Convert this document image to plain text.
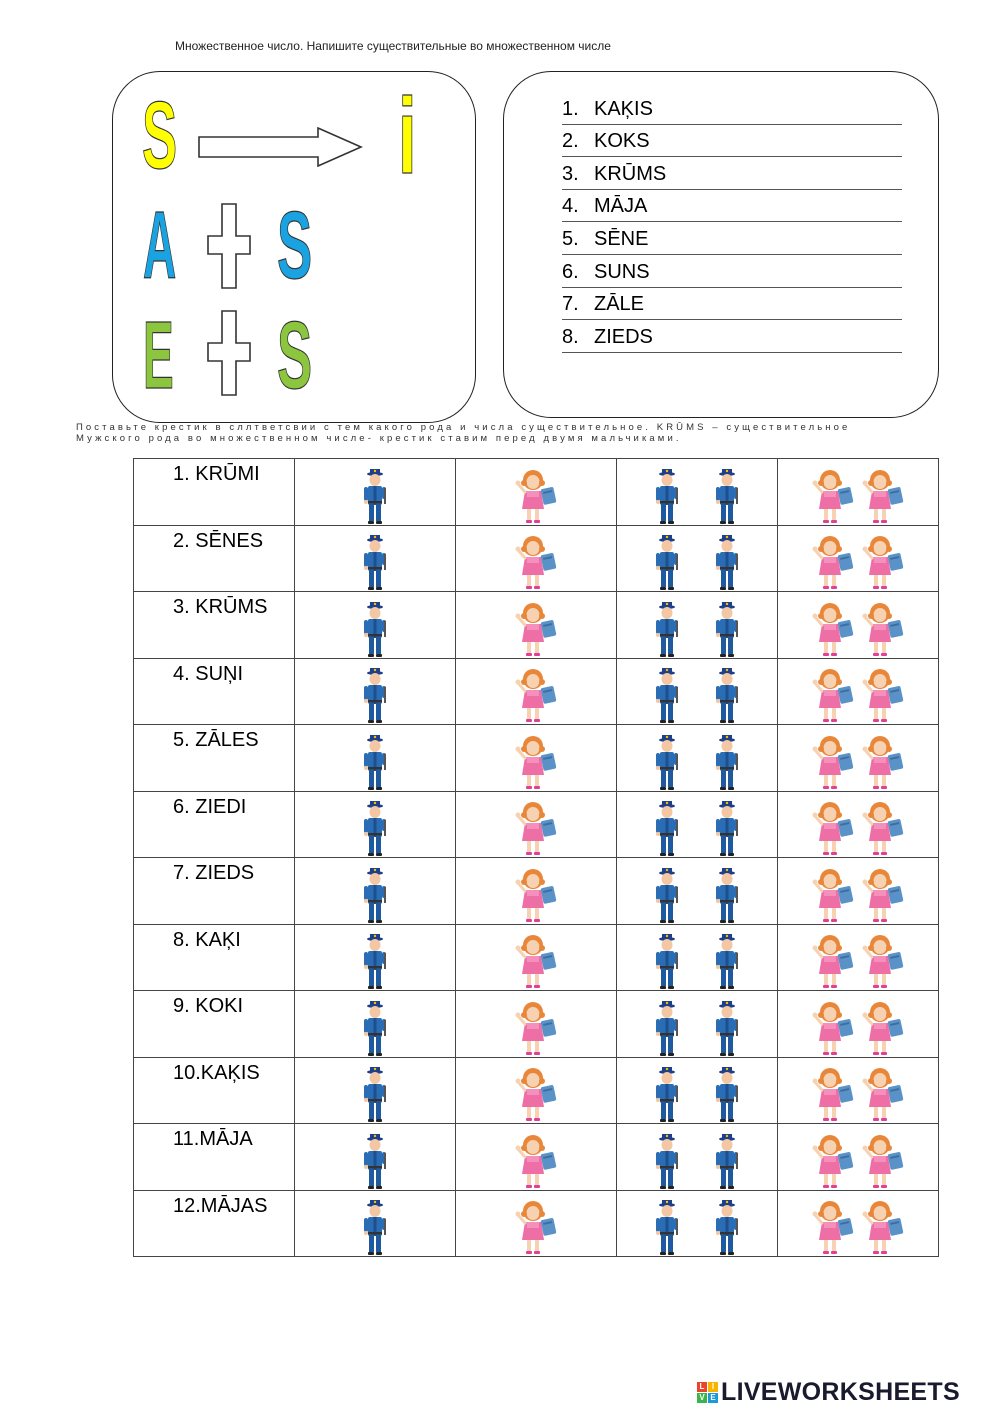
Множественное число. Напишите существительные во множественном числе
S i
A S
E S
1. KAĶIS
2. KOKS
3. KRŪMS
4. MĀJA
5. SĒNE
6. SUNS
7. ZĀLE
8. ZIEDS
Поставьте крестик в сллтветсвии с тем какого рода и числа существительное. KRŪMS – существительное
Мужского рода во множественном числе- крестик ставим перед двумя мальчиками.
1. KRŪMI

2. SĒNES

3. KRŪMS

4. SUŅI

5. ZĀLES

6. ZIEDI

7. ZIEDS

8. KAĶI

9. KOKI

10.KAĶIS

11.MĀJA

12.MĀJAS

L I
V E LIVEWORKSHEETS
